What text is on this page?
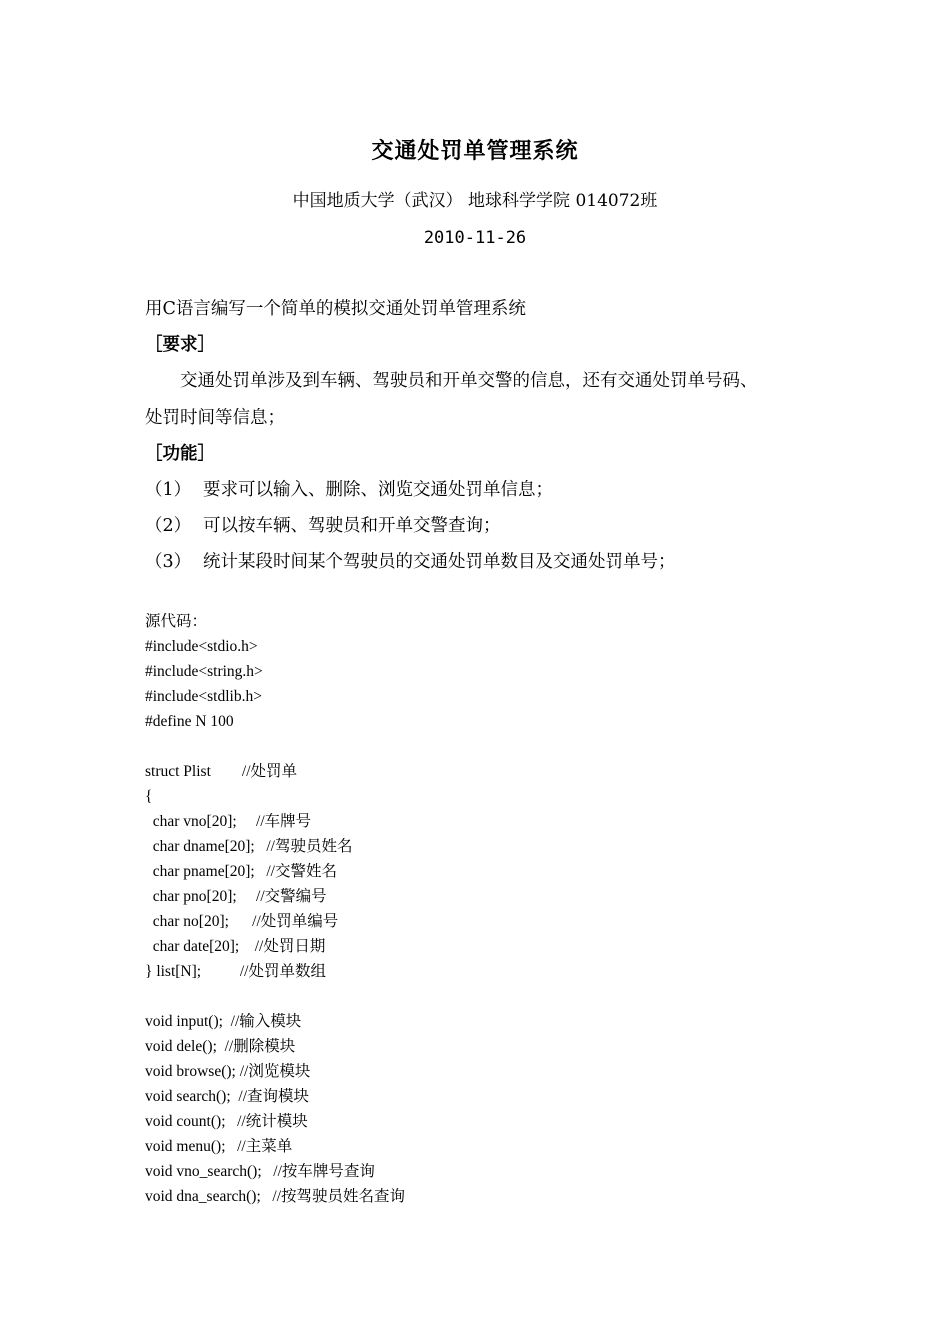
交通处罚单管理系统
中国地质大学（武汉） 地球科学学院 014072班
2010-11-26
用C语言编写一个简单的模拟交通处罚单管理系统
［要求］
　　交通处罚单涉及到车辆、驾驶员和开单交警的信息，还有交通处罚单号码、
处罚时间等信息；
［功能］
（1） 要求可以输入、删除、浏览交通处罚单信息；
（2） 可以按车辆、驾驶员和开单交警查询；
（3） 统计某段时间某个驾驶员的交通处罚单数目及交通处罚单号；
源代码：
#include<stdio.h>
#include<string.h>
#include<stdlib.h>
#define N 100
struct Plist        //处罚单
{
char vno[20];     //车牌号
char dname[20];   //驾驶员姓名
char pname[20];   //交警姓名
char pno[20];     //交警编号
char no[20];      //处罚单编号
char date[20];    //处罚日期
} list[N];          //处罚单数组
void input();  //输入模块
void dele();  //删除模块
void browse(); //浏览模块
void search();  //查询模块
void count();   //统计模块
void menu();   //主菜单
void vno_search();   //按车牌号查询
void dna_search();   //按驾驶员姓名查询
